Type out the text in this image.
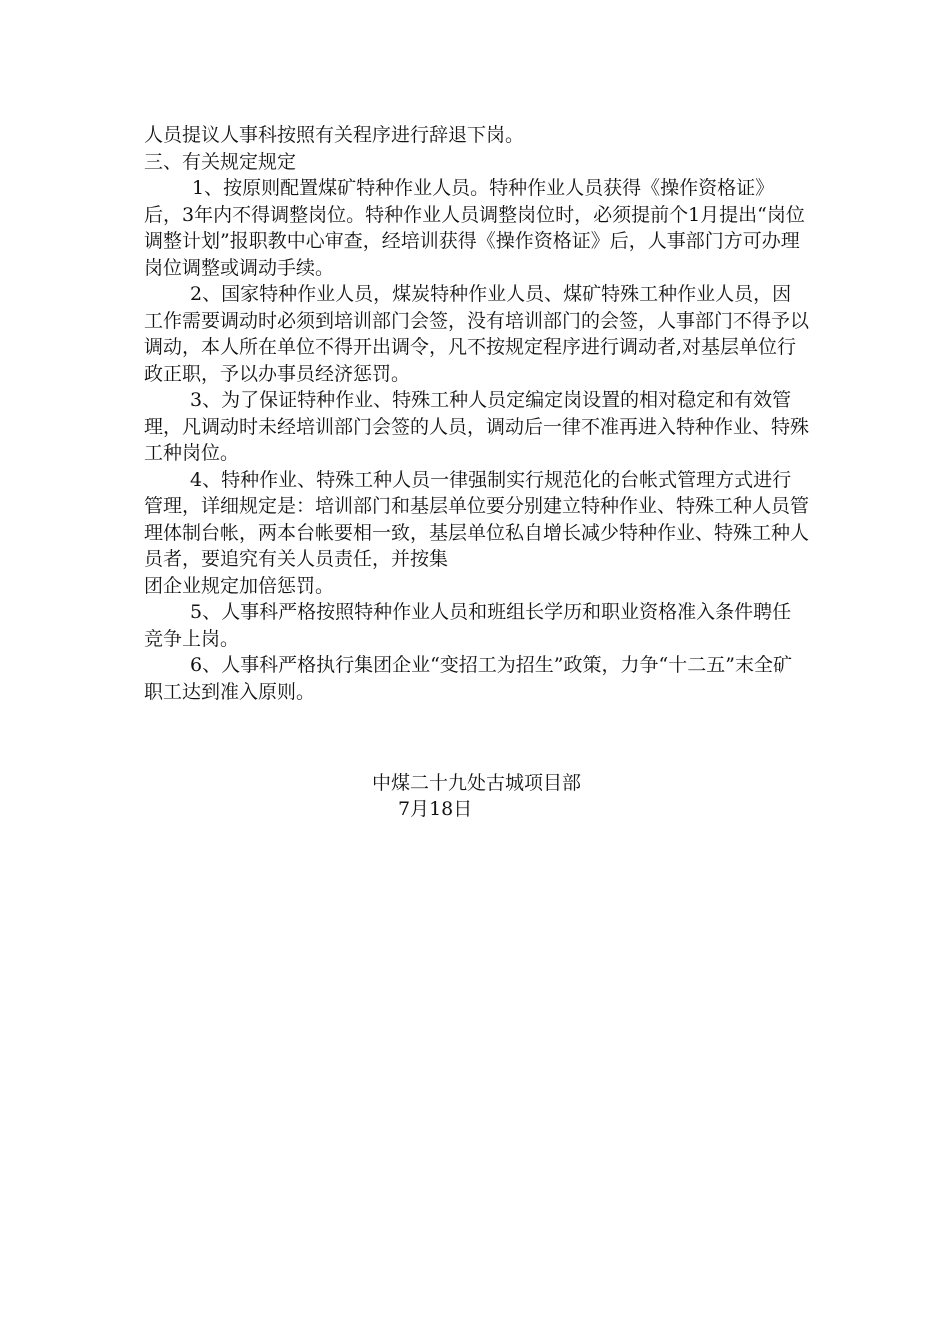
人员提议人事科按照有关程序进行辞退下岗。

三、有关规定规定

1、按原则配置煤矿特种作业人员。特种作业人员获得《操作资格证》后，3年内不得调整岗位。特种作业人员调整岗位时，必须提前个1月提出“岗位调整计划”报职教中心审查，经培训获得《操作资格证》后，人事部门方可办理岗位调整或调动手续。

2、国家特种作业人员，煤炭特种作业人员、煤矿特殊工种作业人员，因工作需要调动时必须到培训部门会签，没有培训部门的会签，人事部门不得予以调动，本人所在单位不得开出调令，凡不按规定程序进行调动者,对基层单位行政正职，予以办事员经济惩罚。

3、为了保证特种作业、特殊工种人员定编定岗设置的相对稳定和有效管理，凡调动时未经培训部门会签的人员，调动后一律不准再进入特种作业、特殊工种岗位。

4、特种作业、特殊工种人员一律强制实行规范化的台帐式管理方式进行管理，详细规定是：培训部门和基层单位要分别建立特种作业、特殊工种人员管理体制台帐，两本台帐要相一致，基层单位私自增长减少特种作业、特殊工种人员者，要追究有关人员责任，并按集

团企业规定加倍惩罚。

5、人事科严格按照特种作业人员和班组长学历和职业资格准入条件聘任竞争上岗。

6、人事科严格执行集团企业“变招工为招生”政策，力争“十二五”末全矿职工达到准入原则。

中煤二十九处古城项目部
7月18日
